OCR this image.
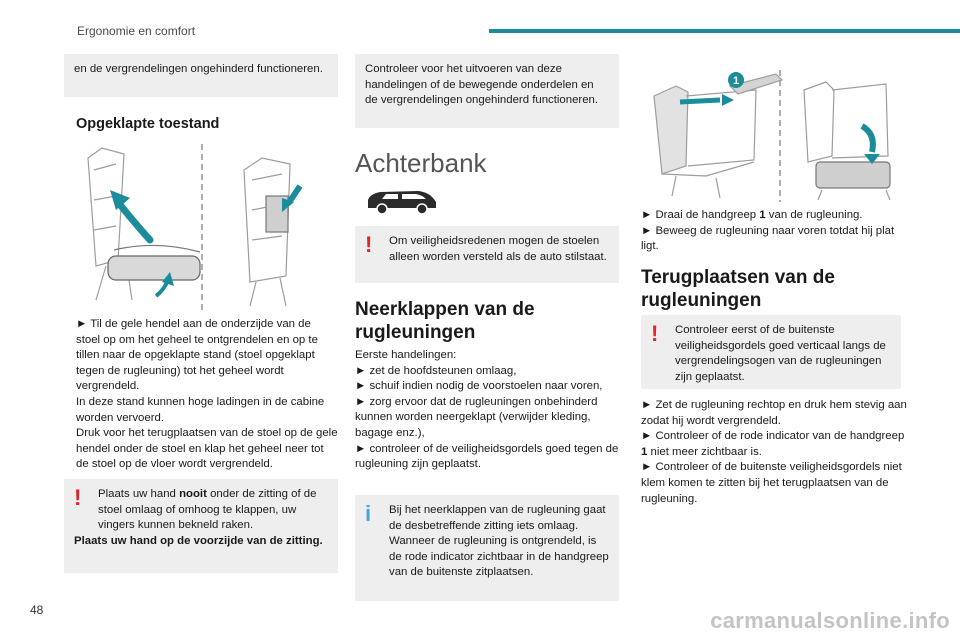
Ergonomie en comfort
48	carmanualsonline.info
en de vergrendelingen ongehinderd functioneren.
Opgeklapte toestand

► Til de gele hendel aan de onderzijde van de stoel op om het geheel te ontgrendelen en op te tillen naar de opgeklapte stand (stoel opgeklapt tegen de rugleuning) tot het geheel wordt vergrendeld.

In deze stand kunnen hoge ladingen in de cabine worden vervoerd.

Druk voor het terugplaatsen van de stoel op de gele hendel onder de stoel en klap het geheel neer tot de stoel op de vloer wordt vergrendeld.

!	Plaats uw hand nooit onder de zitting of de stoel omlaag of omhoog te klappen, uw vingers kunnen bekneld raken.
Plaats uw hand op de voorzijde van de zitting.
Controleer voor het uitvoeren van deze handelingen of de bewegende onderdelen en de vergrendelingen ongehinderd functioneren.
Achterbank
!	Om veiligheidsredenen mogen de stoelen alleen worden versteld als de auto stilstaat.
Neerklappen van de rugleuningen

Eerste handelingen:

► zet de hoofdsteunen omlaag,

► schuif indien nodig de voorstoelen naar voren,

► zorg ervoor dat de rugleuningen onbehinderd kunnen worden neergeklapt (verwijder kleding, bagage enz.),

► controleer of de veiligheidsgordels goed tegen de rugleuning zijn geplaatst.

i	Bij het neerklappen van de rugleuning gaat de desbetreffende zitting iets omlaag.
Wanneer de rugleuning is ontgrendeld, is de rode indicator zichtbaar in de handgreep van de buitenste zitplaatsen.
1

► Draai de handgreep 1 van de rugleuning.

► Beweeg de rugleuning naar voren totdat hij plat ligt.

Terugplaatsen van de rugleuningen
!	Controleer eerst of de buitenste veiligheidsgordels goed verticaal langs de vergrendelingsogen van de rugleuningen zijn geplaatst.

► Zet de rugleuning rechtop en druk hem stevig aan zodat hij wordt vergrendeld.

► Controleer of de rode indicator van de handgreep 1 niet meer zichtbaar is.

► Controleer of de buitenste veiligheidsgordels niet klem komen te zitten bij het terugplaatsen van de rugleuning.
